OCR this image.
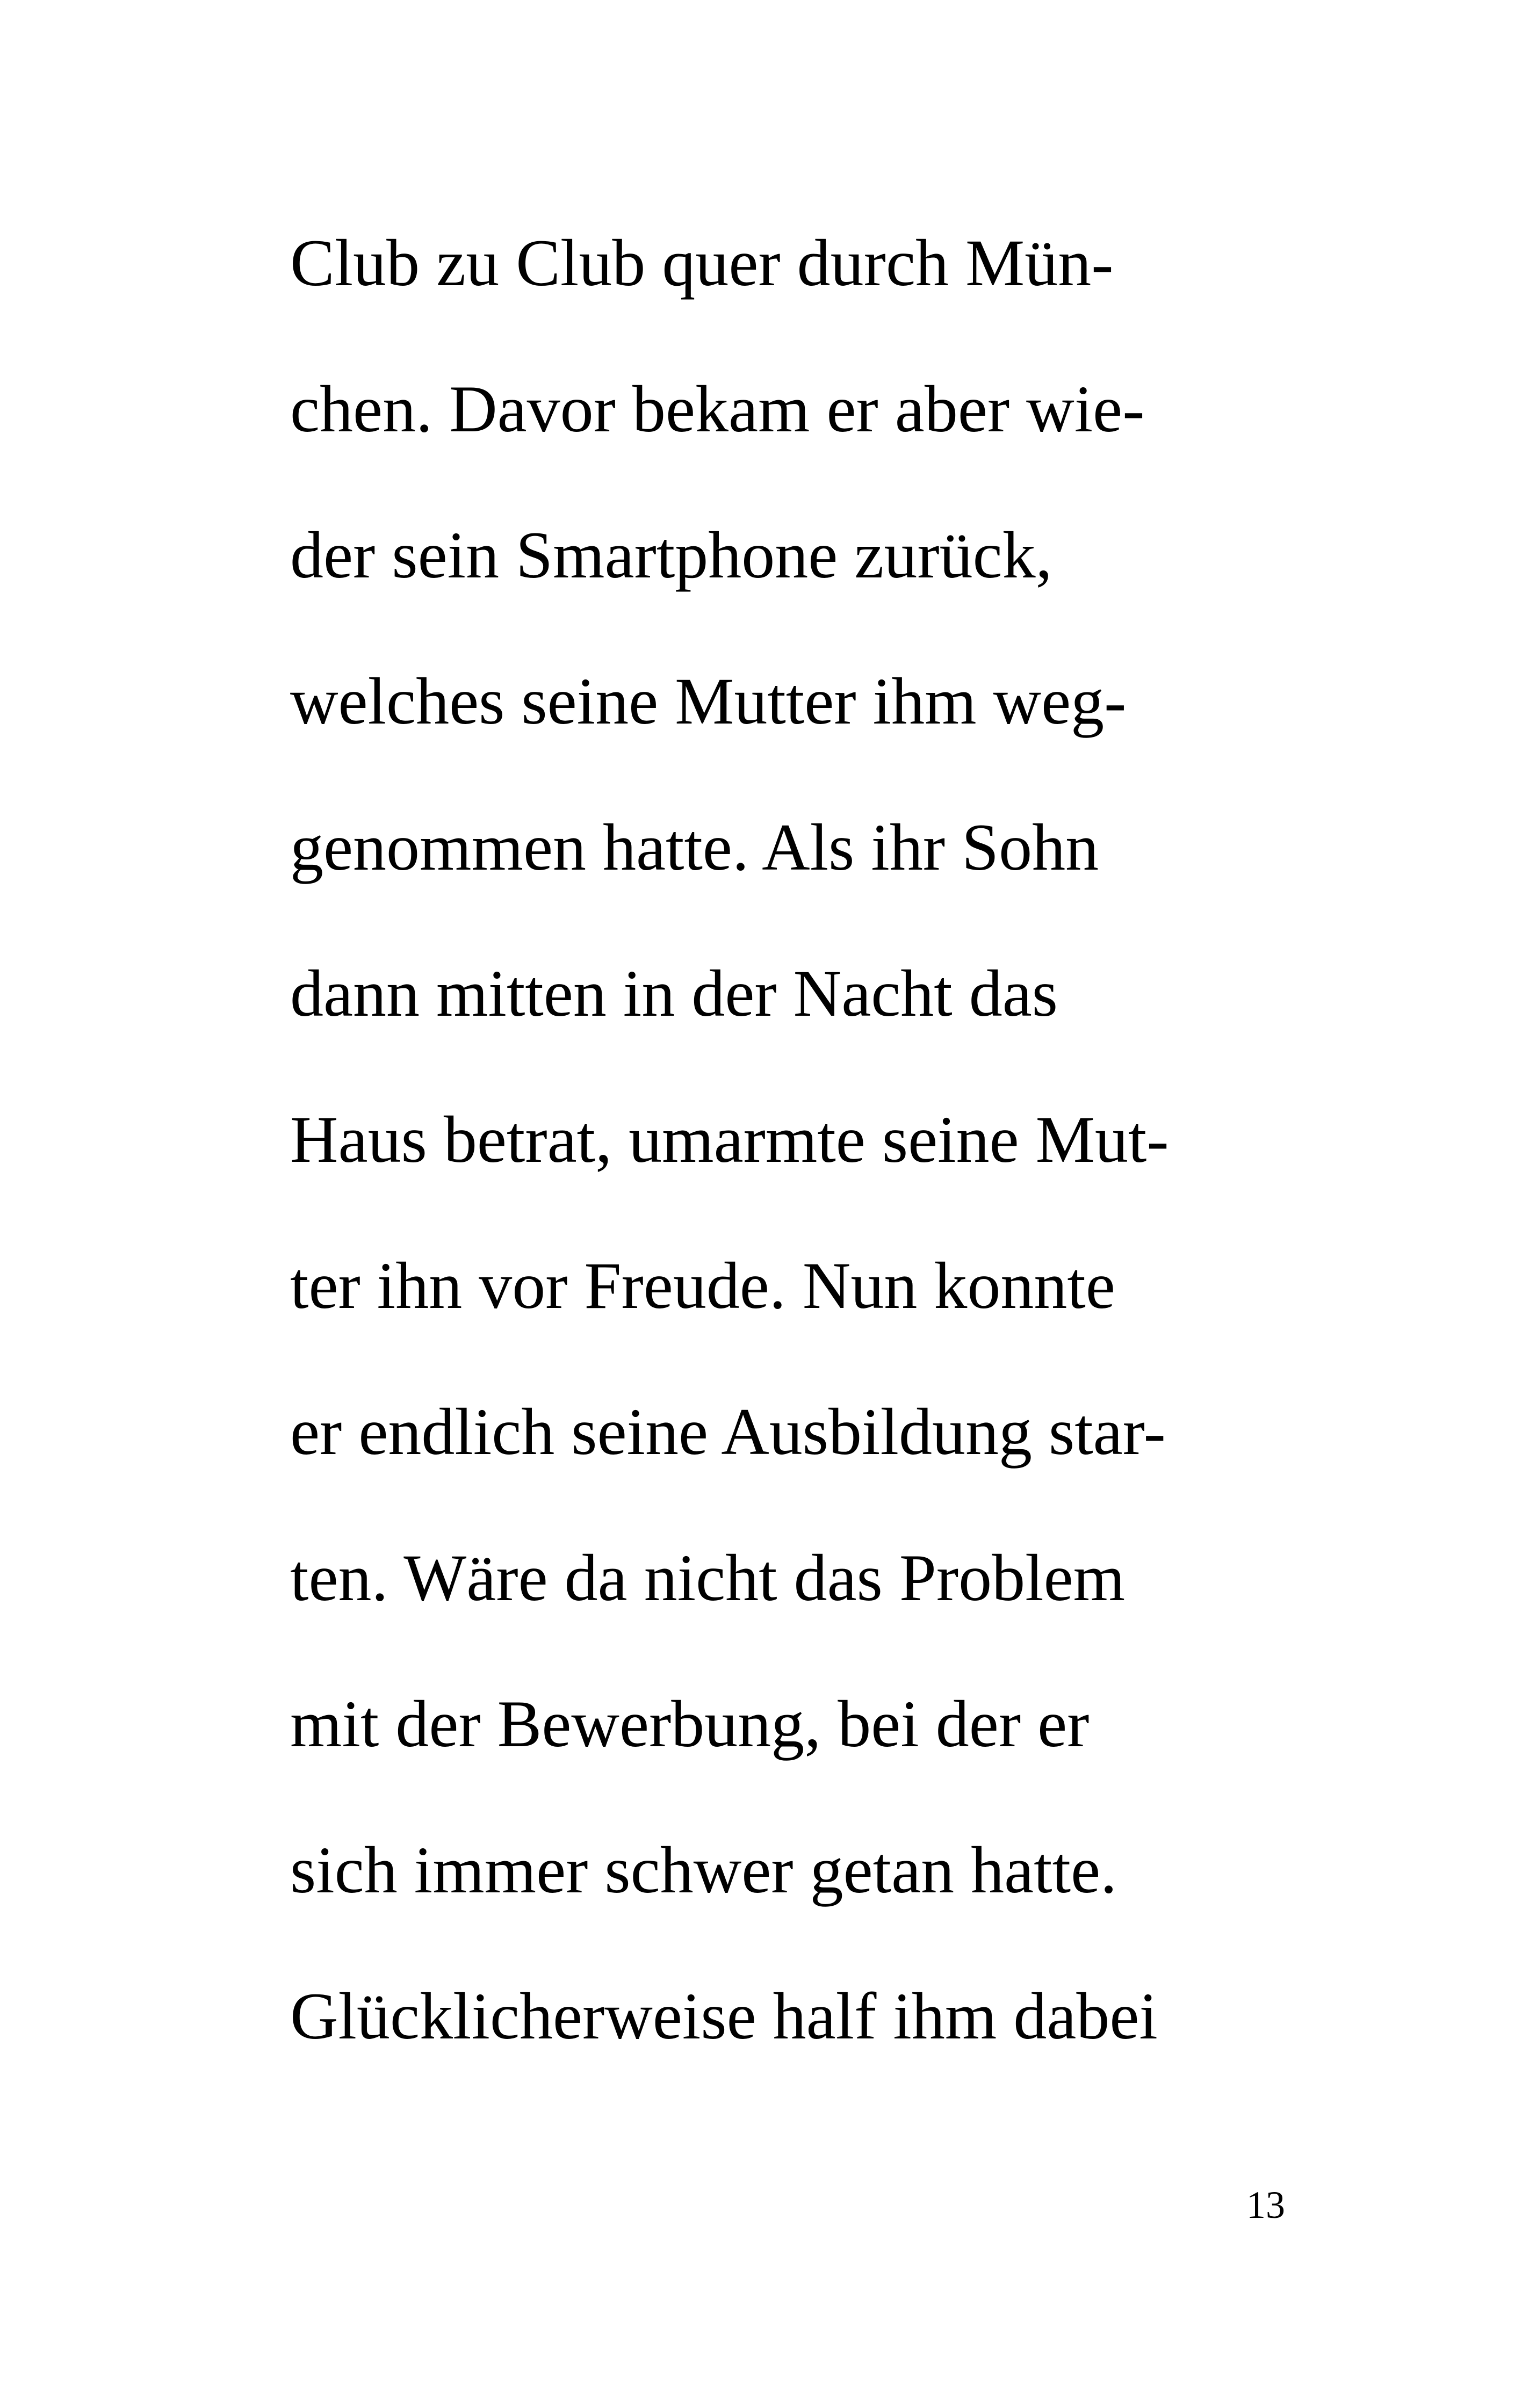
Club zu Club quer durch Mün-
chen. Davor bekam er aber wie-
der sein Smartphone zurück,
welches seine Mutter ihm weg-
genommen hatte. Als ihr Sohn
dann mitten in der Nacht das
Haus betrat, umarmte seine Mut-
ter ihn vor Freude. Nun konnte
er endlich seine Ausbildung star-
ten. Wäre da nicht das Problem
mit der Bewerbung, bei der er
sich immer schwer getan hatte.
Glücklicherweise half ihm dabei
13
